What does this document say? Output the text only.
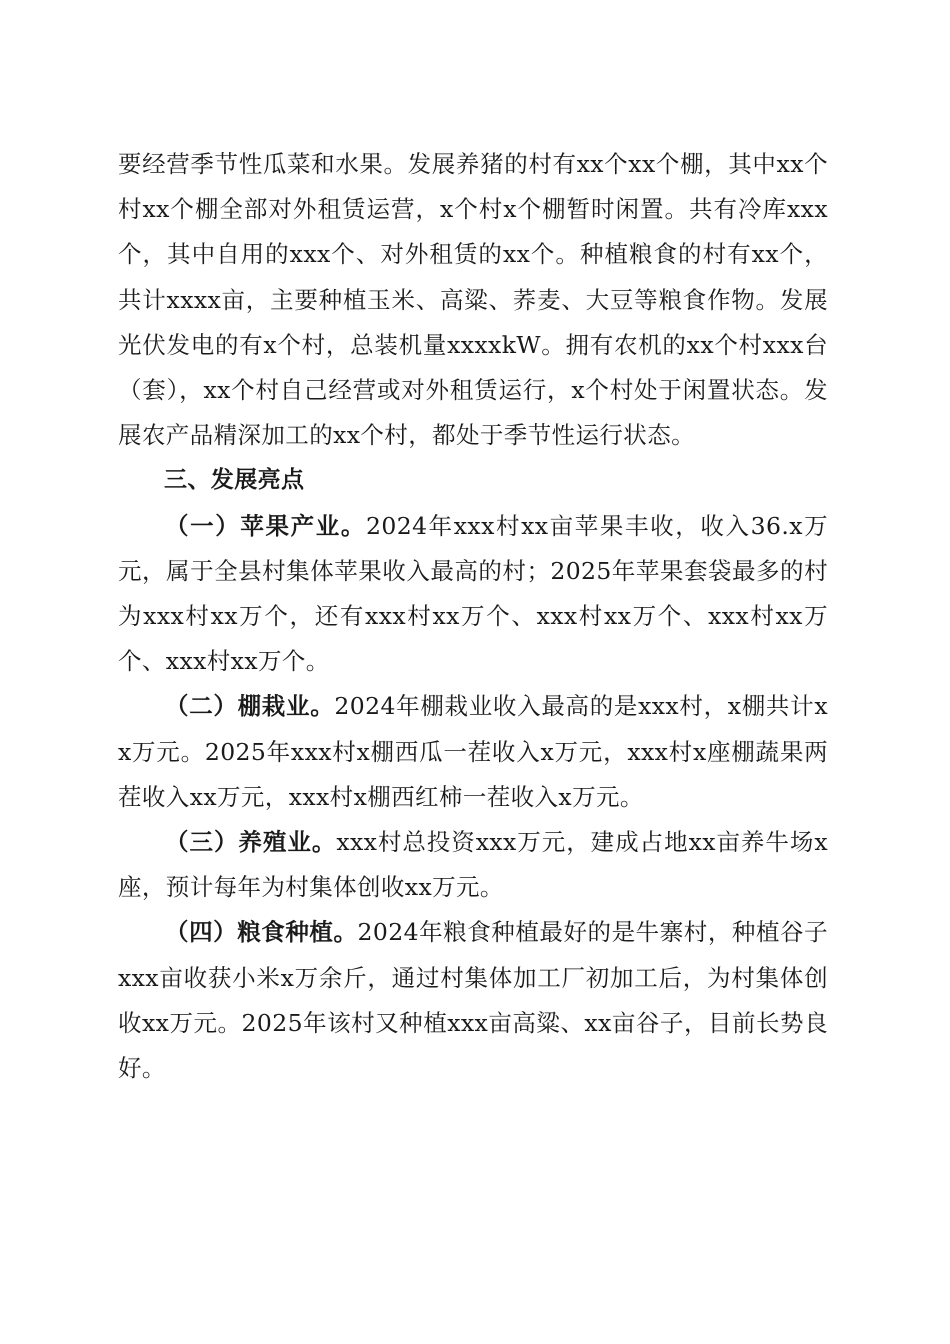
要经营季节性瓜菜和水果。发展养猪的村有xx个xx个棚，其中xx个村xx个棚全部对外租赁运营，x个村x个棚暂时闲置。共有冷库xxx个，其中自用的xxx个、对外租赁的xx个。种植粮食的村有xx个，共计xxxx亩，主要种植玉米、高粱、荞麦、大豆等粮食作物。发展光伏发电的有x个村，总装机量xxxxkW。拥有农机的xx个村xxx台（套），xx个村自己经营或对外租赁运行，x个村处于闲置状态。发展农产品精深加工的xx个村，都处于季节性运行状态。

三、发展亮点

（一）苹果产业。2024年xxx村xx亩苹果丰收，收入36.x万元，属于全县村集体苹果收入最高的村；2025年苹果套袋最多的村为xxx村xx万个，还有xxx村xx万个、xxx村xx万个、xxx村xx万个、xxx村xx万个。

（二）棚栽业。2024年棚栽业收入最高的是xxx村，x棚共计xx万元。2025年xxx村x棚西瓜一茬收入x万元，xxx村x座棚蔬果两茬收入xx万元，xxx村x棚西红柿一茬收入x万元。

（三）养殖业。xxx村总投资xxx万元，建成占地xx亩养牛场x座，预计每年为村集体创收xx万元。

（四）粮食种植。2024年粮食种植最好的是牛寨村，种植谷子xxx亩收获小米x万余斤，通过村集体加工厂初加工后，为村集体创收xx万元。2025年该村又种植xxx亩高粱、xx亩谷子，目前长势良好。
